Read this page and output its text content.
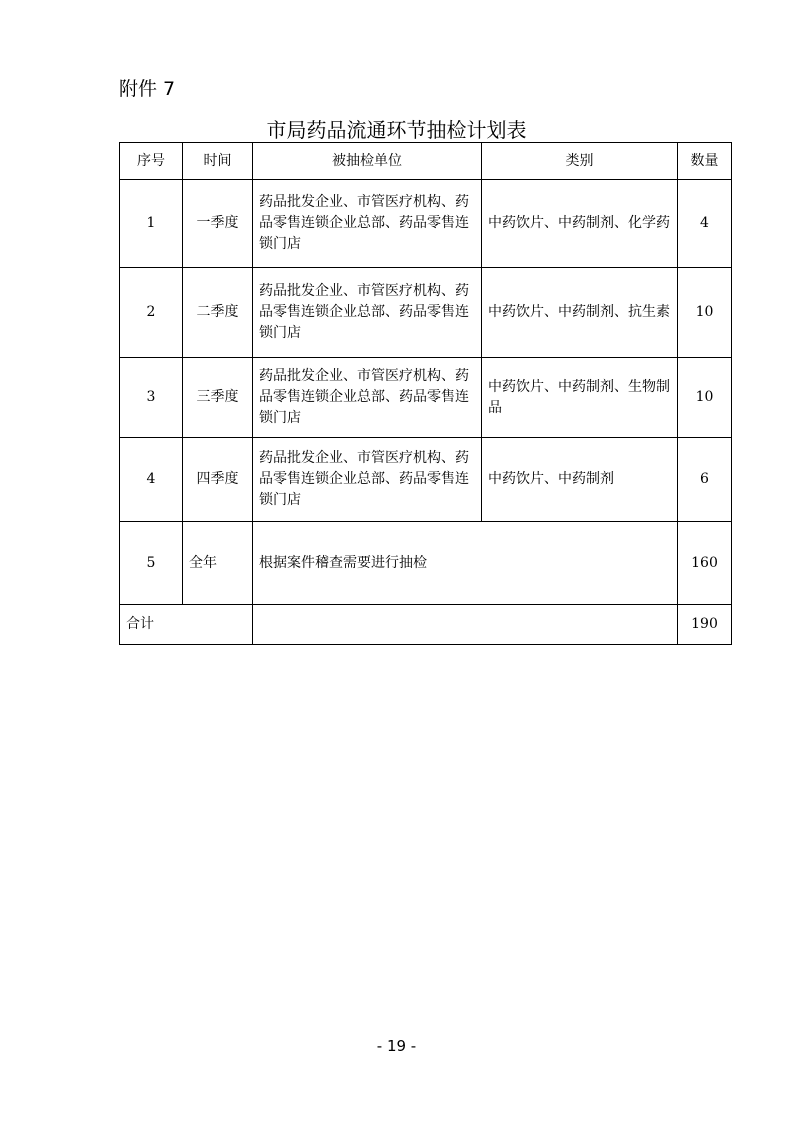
附件 7
市局药品流通环节抽检计划表
序号	时间	被抽检单位	类别	数量
1	一季度	药品批发企业、市管医疗机构、药品零售连锁企业总部、药品零售连锁门店	中药饮片、中药制剂、化学药	4
2	二季度	药品批发企业、市管医疗机构、药品零售连锁企业总部、药品零售连锁门店	中药饮片、中药制剂、抗生素	10
3	三季度	药品批发企业、市管医疗机构、药品零售连锁企业总部、药品零售连锁门店	中药饮片、中药制剂、生物制品	10
4	四季度	药品批发企业、市管医疗机构、药品零售连锁企业总部、药品零售连锁门店	中药饮片、中药制剂	6
5	全年	根据案件稽查需要进行抽检		160
合计				190
- 19 -
